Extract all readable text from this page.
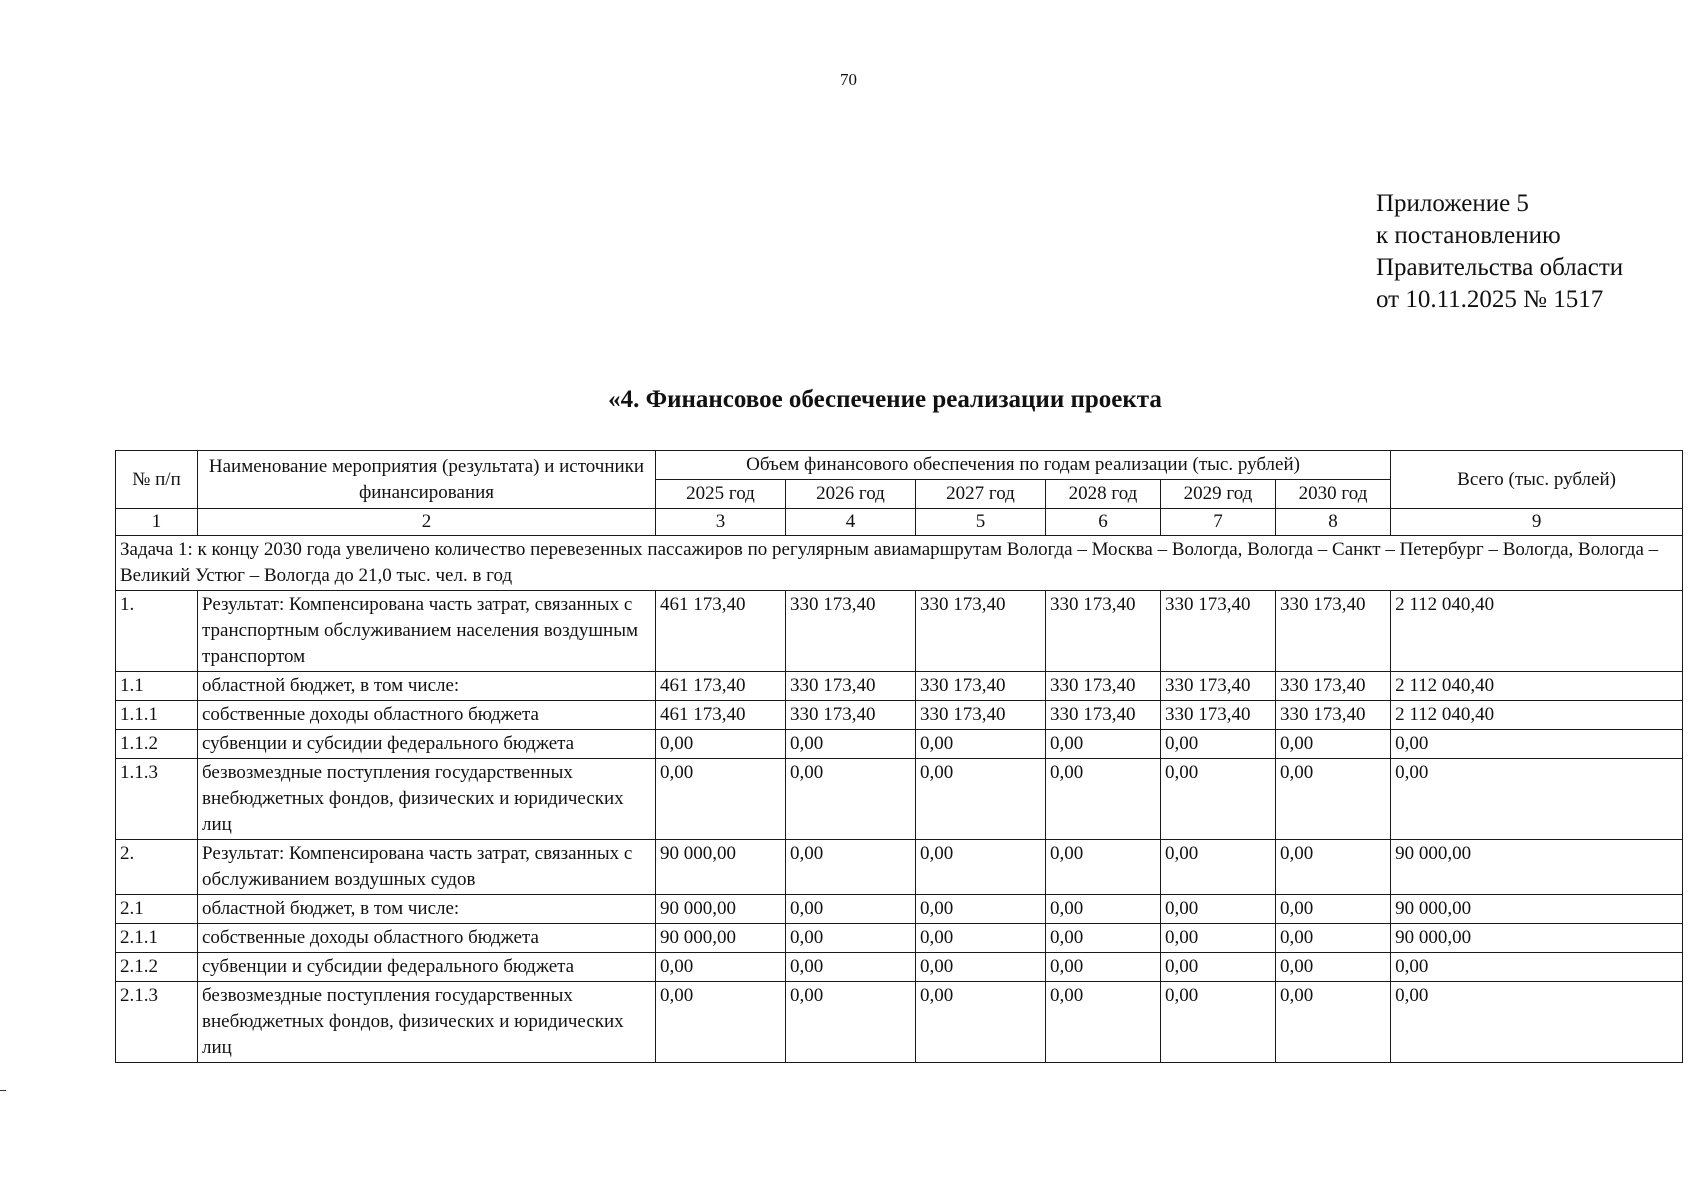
70
Приложение 5
к постановлению
Правительства области
от 10.11.2025 № 1517
«4. Финансовое обеспечение реализации проекта
№ п/п	Наименование мероприятия (результата) и источники финансирования	Объем финансового обеспечения по годам реализации (тыс. рублей)						Всего (тыс. рублей)
		2025 год	2026 год	2027 год	2028 год	2029 год	2030 год	
1	2	3	4	5	6	7	8	9
Задача 1: к концу 2030 года увеличено количество перевезенных пассажиров по регулярным авиамаршрутам Вологда – Москва – Вологда, Вологда – Санкт – Петербург – Вологда, Вологда – Великий Устюг – Вологда до 21,0 тыс. чел. в год								
1.	Результат: Компенсирована часть затрат, связанных с транспортным обслуживанием населения воздушным транспортом	461 173,40	330 173,40	330 173,40	330 173,40	330 173,40	330 173,40	2 112 040,40
1.1	областной бюджет, в том числе:	461 173,40	330 173,40	330 173,40	330 173,40	330 173,40	330 173,40	2 112 040,40
1.1.1	собственные доходы областного бюджета	461 173,40	330 173,40	330 173,40	330 173,40	330 173,40	330 173,40	2 112 040,40
1.1.2	субвенции и субсидии федерального бюджета	0,00	0,00	0,00	0,00	0,00	0,00	0,00
1.1.3	безвозмездные поступления государственных внебюджетных фондов, физических и юридических лиц	0,00	0,00	0,00	0,00	0,00	0,00	0,00
2.	Результат: Компенсирована часть затрат, связанных с обслуживанием воздушных судов	90 000,00	0,00	0,00	0,00	0,00	0,00	90 000,00
2.1	областной бюджет, в том числе:	90 000,00	0,00	0,00	0,00	0,00	0,00	90 000,00
2.1.1	собственные доходы областного бюджета	90 000,00	0,00	0,00	0,00	0,00	0,00	90 000,00
2.1.2	субвенции и субсидии федерального бюджета	0,00	0,00	0,00	0,00	0,00	0,00	0,00
2.1.3	безвозмездные поступления государственных внебюджетных фондов, физических и юридических лиц	0,00	0,00	0,00	0,00	0,00	0,00	0,00
